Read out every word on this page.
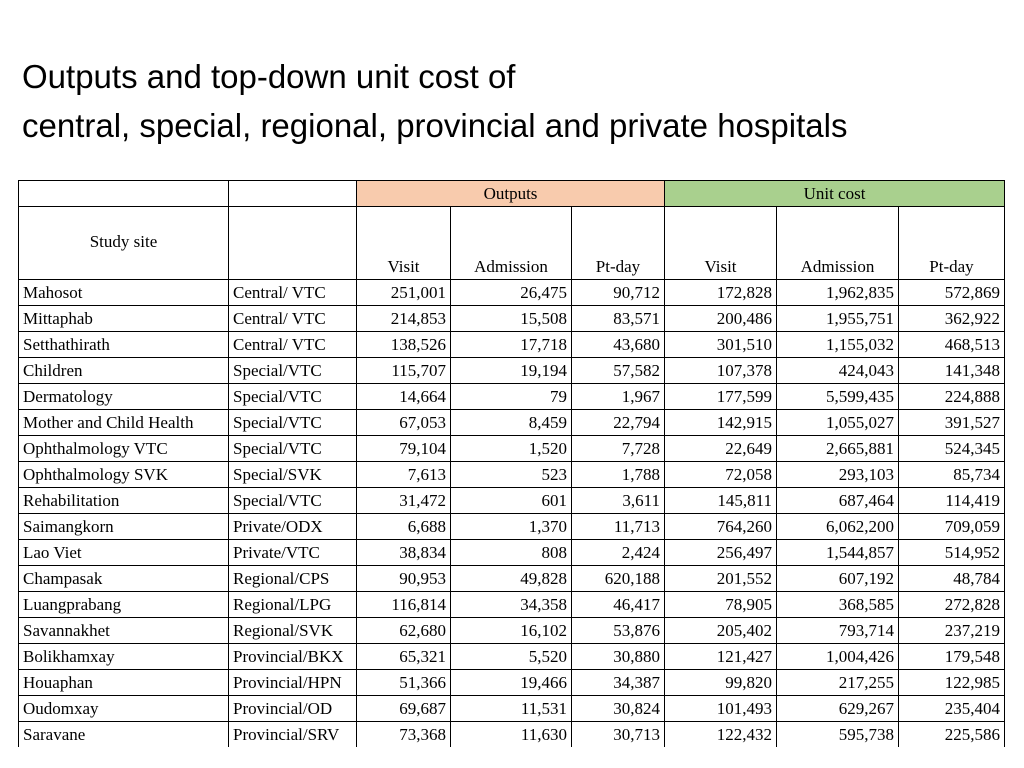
Outputs and top-down unit cost of
central, special, regional, provincial and private hospitals
		Outputs			Unit cost		
Study site		Visit	Admission	Pt-day	Visit	Admission	Pt-day
Mahosot	Central/ VTC	251,001	26,475	90,712	172,828	1,962,835	572,869
Mittaphab	Central/ VTC	214,853	15,508	83,571	200,486	1,955,751	362,922
Setthathirath	Central/ VTC	138,526	17,718	43,680	301,510	1,155,032	468,513
Children	Special/VTC	115,707	19,194	57,582	107,378	424,043	141,348
Dermatology	Special/VTC	14,664	79	1,967	177,599	5,599,435	224,888
Mother and Child Health	Special/VTC	67,053	8,459	22,794	142,915	1,055,027	391,527
Ophthalmology VTC	Special/VTC	79,104	1,520	7,728	22,649	2,665,881	524,345
Ophthalmology SVK	Special/SVK	7,613	523	1,788	72,058	293,103	85,734
Rehabilitation	Special/VTC	31,472	601	3,611	145,811	687,464	114,419
Saimangkorn	Private/ODX	6,688	1,370	11,713	764,260	6,062,200	709,059
Lao Viet	Private/VTC	38,834	808	2,424	256,497	1,544,857	514,952
Champasak	Regional/CPS	90,953	49,828	620,188	201,552	607,192	48,784
Luangprabang	Regional/LPG	116,814	34,358	46,417	78,905	368,585	272,828
Savannakhet	Regional/SVK	62,680	16,102	53,876	205,402	793,714	237,219
Bolikhamxay	Provincial/BKX	65,321	5,520	30,880	121,427	1,004,426	179,548
Houaphan	Provincial/HPN	51,366	19,466	34,387	99,820	217,255	122,985
Oudomxay	Provincial/OD	69,687	11,531	30,824	101,493	629,267	235,404
Saravane	Provincial/SRV	73,368	11,630	30,713	122,432	595,738	225,586
